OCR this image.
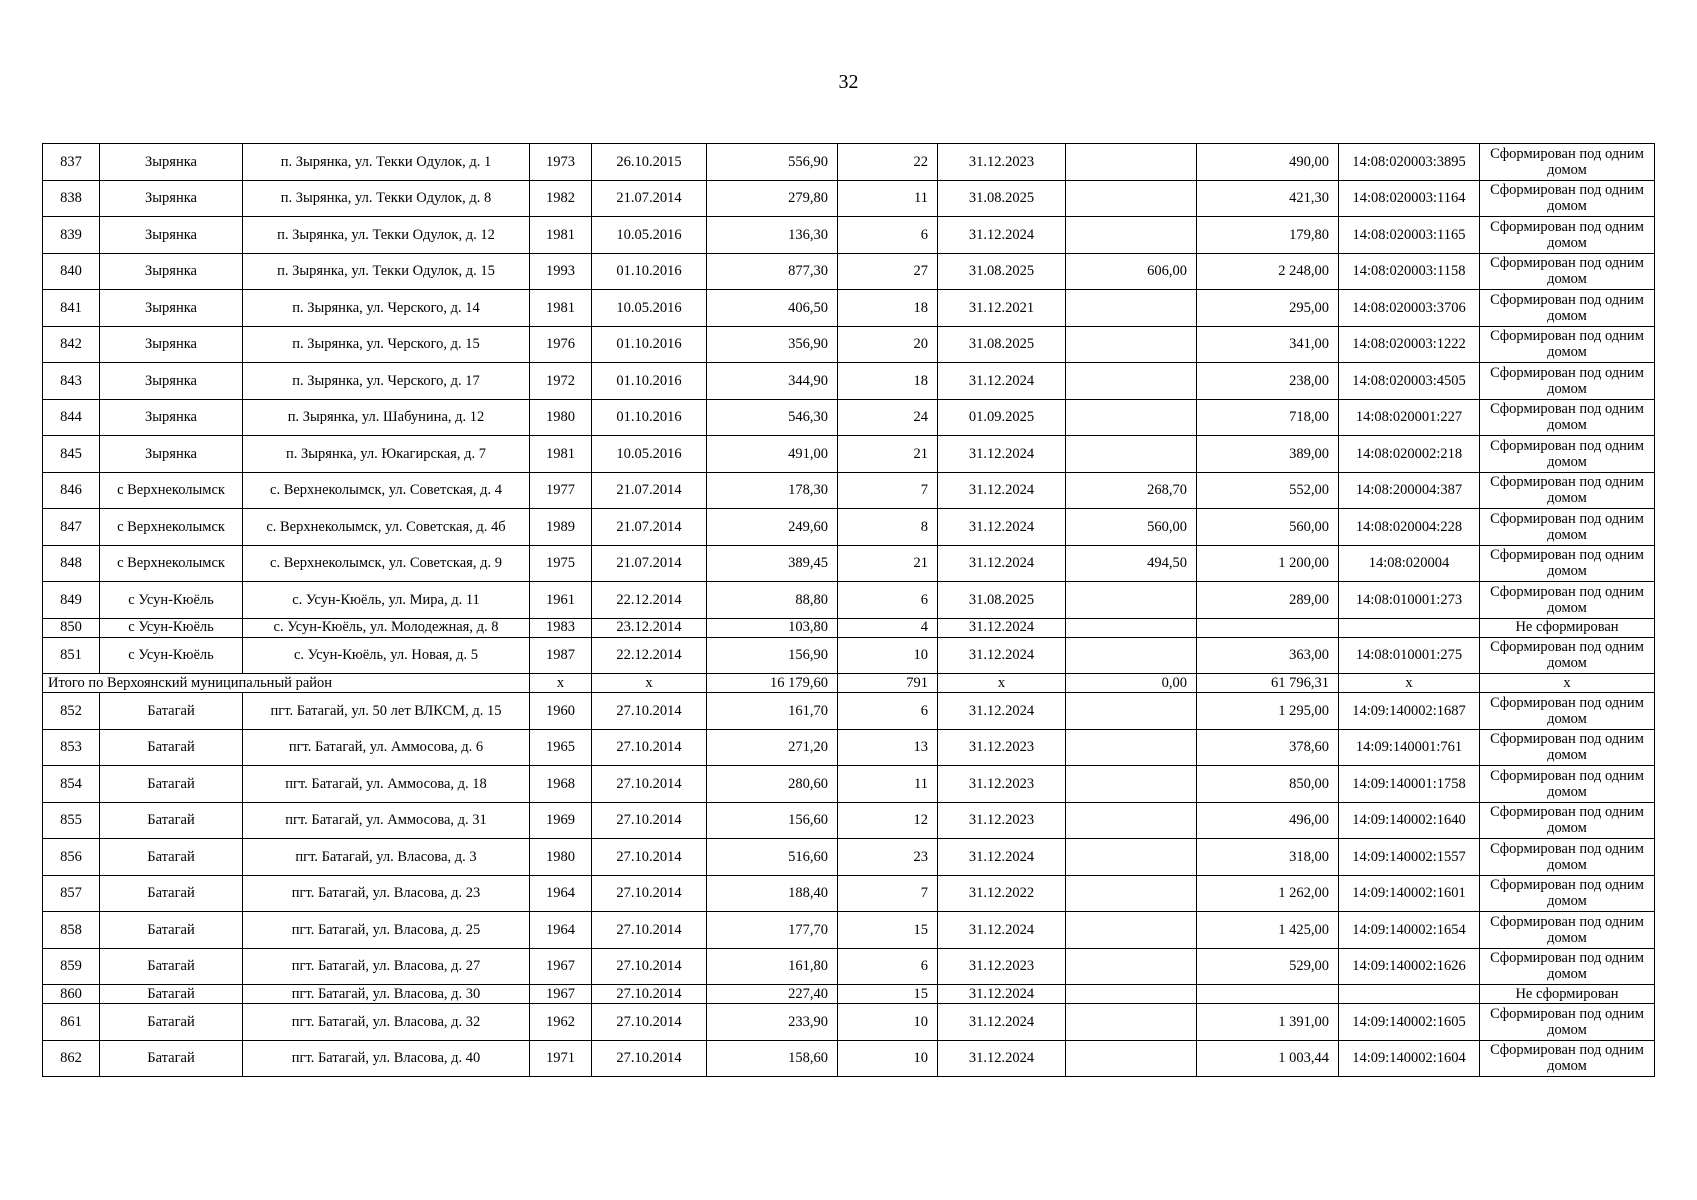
32
837	Зырянка	п. Зырянка, ул. Текки Одулок, д. 1	1973	26.10.2015	556,90	22	31.12.2023		490,00	14:08:020003:3895	Сформирован под одним домом
838	Зырянка	п. Зырянка, ул. Текки Одулок, д. 8	1982	21.07.2014	279,80	11	31.08.2025		421,30	14:08:020003:1164	Сформирован под одним домом
839	Зырянка	п. Зырянка, ул. Текки Одулок, д. 12	1981	10.05.2016	136,30	6	31.12.2024		179,80	14:08:020003:1165	Сформирован под одним домом
840	Зырянка	п. Зырянка, ул. Текки Одулок, д. 15	1993	01.10.2016	877,30	27	31.08.2025	606,00	2 248,00	14:08:020003:1158	Сформирован под одним домом
841	Зырянка	п. Зырянка, ул. Черского, д. 14	1981	10.05.2016	406,50	18	31.12.2021		295,00	14:08:020003:3706	Сформирован под одним домом
842	Зырянка	п. Зырянка, ул. Черского, д. 15	1976	01.10.2016	356,90	20	31.08.2025		341,00	14:08:020003:1222	Сформирован под одним домом
843	Зырянка	п. Зырянка, ул. Черского, д. 17	1972	01.10.2016	344,90	18	31.12.2024		238,00	14:08:020003:4505	Сформирован под одним домом
844	Зырянка	п. Зырянка, ул. Шабунина, д. 12	1980	01.10.2016	546,30	24	01.09.2025		718,00	14:08:020001:227	Сформирован под одним домом
845	Зырянка	п. Зырянка, ул. Юкагирская, д. 7	1981	10.05.2016	491,00	21	31.12.2024		389,00	14:08:020002:218	Сформирован под одним домом
846	с Верхнеколымск	с. Верхнеколымск, ул. Советская, д. 4	1977	21.07.2014	178,30	7	31.12.2024	268,70	552,00	14:08:200004:387	Сформирован под одним домом
847	с Верхнеколымск	с. Верхнеколымск, ул. Советская, д. 4б	1989	21.07.2014	249,60	8	31.12.2024	560,00	560,00	14:08:020004:228	Сформирован под одним домом
848	с Верхнеколымск	с. Верхнеколымск, ул. Советская, д. 9	1975	21.07.2014	389,45	21	31.12.2024	494,50	1 200,00	14:08:020004	Сформирован под одним домом
849	с Усун-Кюёль	с. Усун-Кюёль, ул. Мира, д. 11	1961	22.12.2014	88,80	6	31.08.2025		289,00	14:08:010001:273	Сформирован под одним домом
850	с Усун-Кюёль	с. Усун-Кюёль, ул. Молодежная, д. 8	1983	23.12.2014	103,80	4	31.12.2024				Не сформирован
851	с Усун-Кюёль	с. Усун-Кюёль, ул. Новая, д. 5	1987	22.12.2014	156,90	10	31.12.2024		363,00	14:08:010001:275	Сформирован под одним домом
Итого по Верхоянский муниципальный район			х	х	16 179,60	791	х	0,00	61 796,31	х	х
852	Батагай	пгт. Батагай, ул. 50 лет ВЛКСМ, д. 15	1960	27.10.2014	161,70	6	31.12.2024		1 295,00	14:09:140002:1687	Сформирован под одним домом
853	Батагай	пгт. Батагай, ул. Аммосова, д. 6	1965	27.10.2014	271,20	13	31.12.2023		378,60	14:09:140001:761	Сформирован под одним домом
854	Батагай	пгт. Батагай, ул. Аммосова, д. 18	1968	27.10.2014	280,60	11	31.12.2023		850,00	14:09:140001:1758	Сформирован под одним домом
855	Батагай	пгт. Батагай, ул. Аммосова, д. 31	1969	27.10.2014	156,60	12	31.12.2023		496,00	14:09:140002:1640	Сформирован под одним домом
856	Батагай	пгт. Батагай, ул. Власова, д. 3	1980	27.10.2014	516,60	23	31.12.2024		318,00	14:09:140002:1557	Сформирован под одним домом
857	Батагай	пгт. Батагай, ул. Власова, д. 23	1964	27.10.2014	188,40	7	31.12.2022		1 262,00	14:09:140002:1601	Сформирован под одним домом
858	Батагай	пгт. Батагай, ул. Власова, д. 25	1964	27.10.2014	177,70	15	31.12.2024		1 425,00	14:09:140002:1654	Сформирован под одним домом
859	Батагай	пгт. Батагай, ул. Власова, д. 27	1967	27.10.2014	161,80	6	31.12.2023		529,00	14:09:140002:1626	Сформирован под одним домом
860	Батагай	пгт. Батагай, ул. Власова, д. 30	1967	27.10.2014	227,40	15	31.12.2024				Не сформирован
861	Батагай	пгт. Батагай, ул. Власова, д. 32	1962	27.10.2014	233,90	10	31.12.2024		1 391,00	14:09:140002:1605	Сформирован под одним домом
862	Батагай	пгт. Батагай, ул. Власова, д. 40	1971	27.10.2014	158,60	10	31.12.2024		1 003,44	14:09:140002:1604	Сформирован под одним домом
